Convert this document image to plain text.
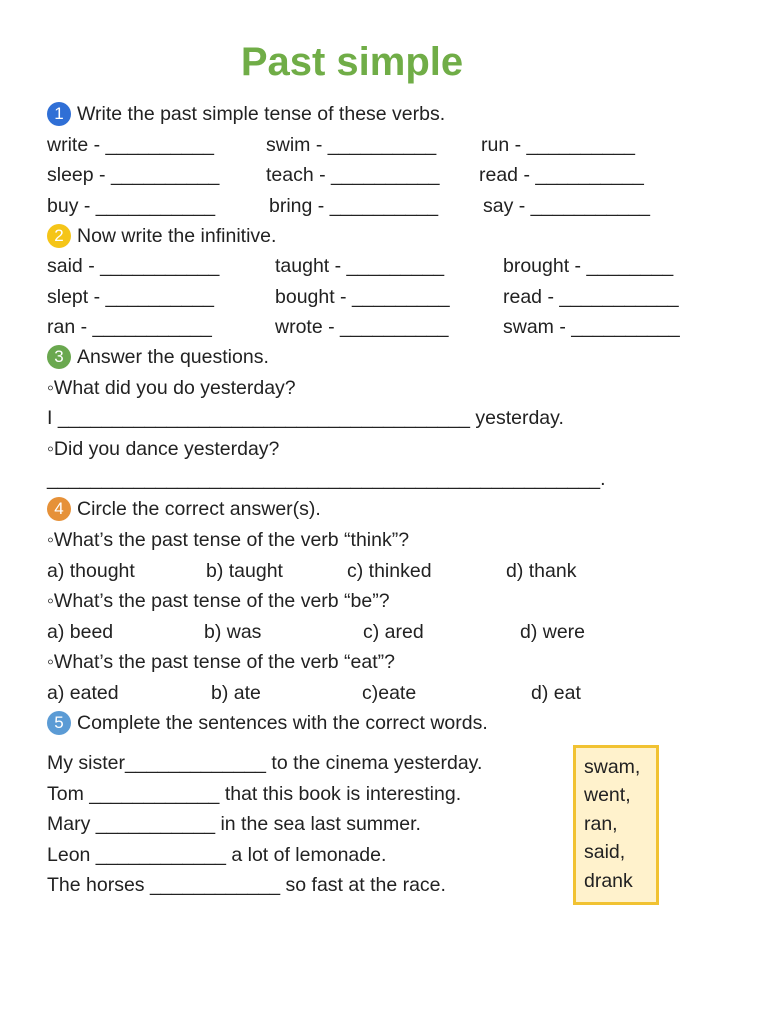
Past simple
1 Write the past simple tense of these verbs.
write - __________	swim - __________ run - __________
sleep - __________ teach - __________ read - __________
buy - ___________	bring - __________ say - ___________
2 Now write the infinitive.
said - ___________	taught - _________	brought - ________
slept - __________	bought - _________	read - ___________
ran - ___________	wrote - __________	swam - __________
3 Answer the questions.
◦What did you do yesterday?
I ______________________________________ yesterday.
◦Did you dance yesterday?
___________________________________________________.
4 Circle the correct answer(s).
◦What’s the past tense of the verb “think”?
a) thought	b) taught	c) thinked	d) thank
◦What’s the past tense of the verb “be”?
a) beed	b) was	c) ared	d) were
◦What’s the past tense of the verb “eat”?
a) eated	b) ate	c)eate	d) eat
5 Complete the sentences with the correct words.
My sister_____________ to the cinema yesterday.
Tom ____________ that this book is interesting.
Mary ___________ in the sea last summer.
Leon ____________ a lot of lemonade.
The horses ____________ so fast at the race.
swam,
went,
ran,
said,
drank
